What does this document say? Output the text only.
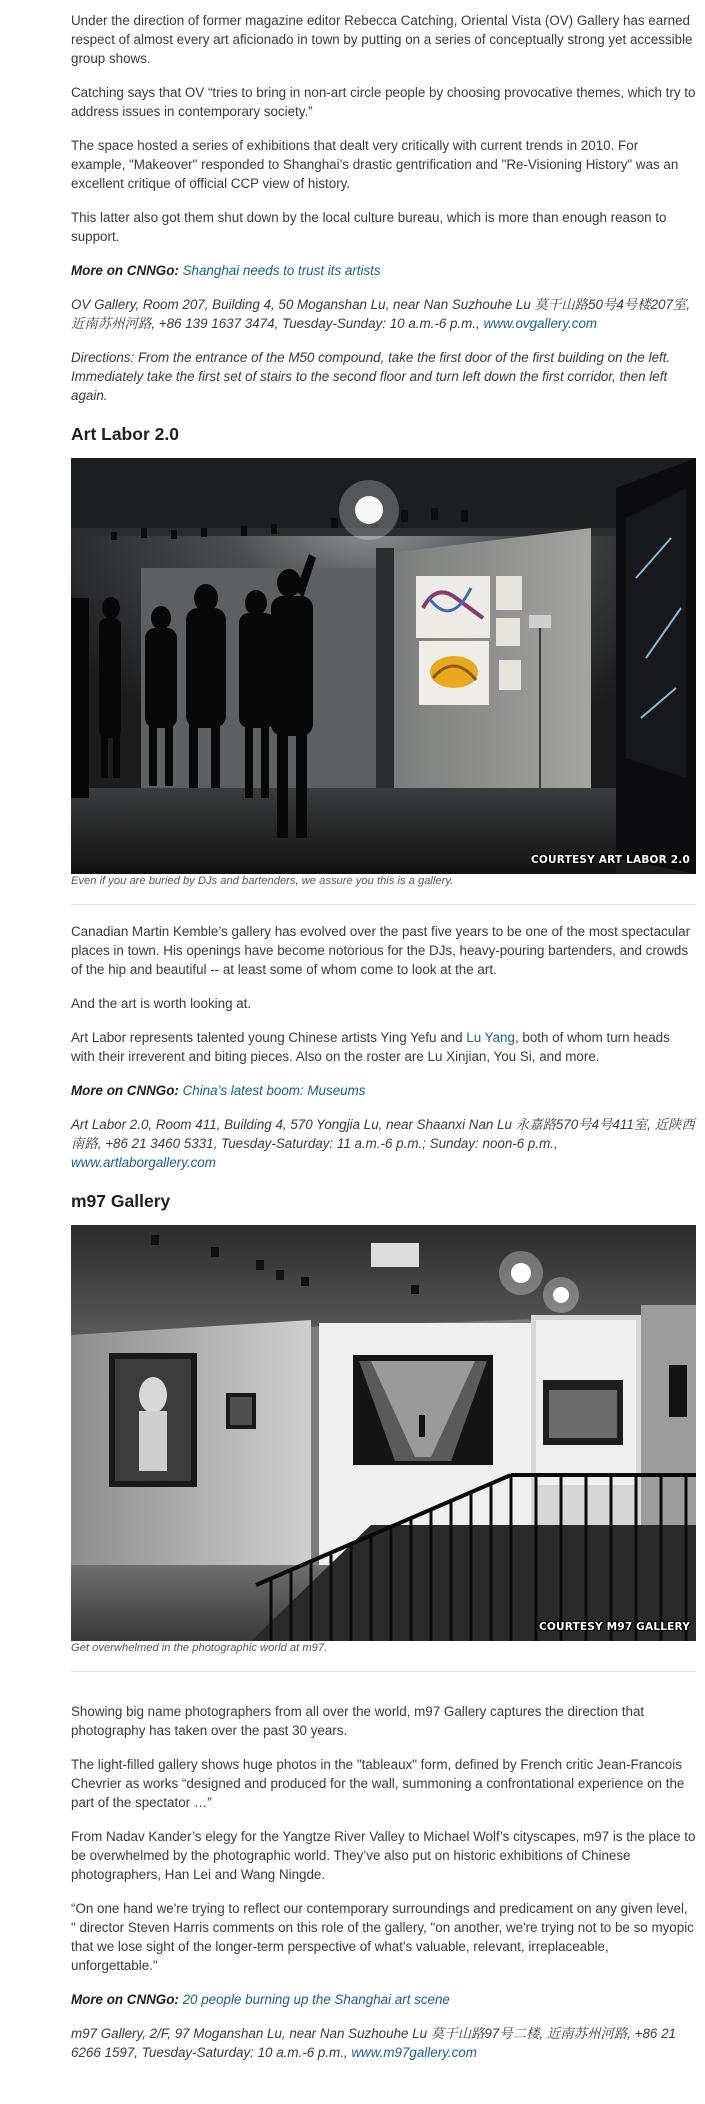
Under the direction of former magazine editor Rebecca Catching, Oriental Vista (OV) Gallery has earned respect of almost every art aficionado in town by putting on a series of conceptually strong yet accessible group shows.

Catching says that OV “tries to bring in non-art circle people by choosing provocative themes, which try to address issues in contemporary society.”

The space hosted a series of exhibitions that dealt very critically with current trends in 2010. For example, "Makeover" responded to Shanghai’s drastic gentrification and "Re-Visioning History" was an excellent critique of official CCP view of history.

This latter also got them shut down by the local culture bureau, which is more than enough reason to support.

More on CNNGo: Shanghai needs to trust its artists

OV Gallery, Room 207, Building 4, 50 Moganshan Lu, near Nan Suzhouhe Lu 莫干山路50号4号楼207室, 近南苏州河路, +86 139 1637 3474, Tuesday-Sunday: 10 a.m.-6 p.m., www.ovgallery.com

Directions: From the entrance of the M50 compound, take the first door of the first building on the left. Immediately take the first set of stairs to the second floor and turn left down the first corridor, then left again.

Art Labor 2.0
COURTESY ART LABOR 2.0

Even if you are buried by DJs and bartenders, we assure you this is a gallery.

Canadian Martin Kemble’s gallery has evolved over the past five years to be one of the most spectacular places in town. His openings have become notorious for the DJs, heavy-pouring bartenders, and crowds of the hip and beautiful -- at least some of whom come to look at the art.

And the art is worth looking at.

Art Labor represents talented young Chinese artists Ying Yefu and Lu Yang, both of whom turn heads with their irreverent and biting pieces. Also on the roster are Lu Xinjian, You Si, and more.

More on CNNGo: China’s latest boom: Museums

Art Labor 2.0, Room 411, Building 4, 570 Yongjia Lu, near Shaanxi Nan Lu 永嘉路570号4号411室, 近陕西南路, +86 21 3460 5331, Tuesday-Saturday: 11 a.m.-6 p.m.; Sunday: noon-6 p.m., www.artlaborgallery.com

m97 Gallery
COURTESY M97 GALLERY

Get overwhelmed in the photographic world at m97.

Showing big name photographers from all over the world, m97 Gallery captures the direction that photography has taken over the past 30 years.

The light-filled gallery shows huge photos in the "tableaux" form, defined by French critic Jean-Francois Chevrier as works “designed and produced for the wall, summoning a confrontational experience on the part of the spectator …”

From Nadav Kander’s elegy for the Yangtze River Valley to Michael Wolf’s cityscapes, m97 is the place to be overwhelmed by the photographic world. They’ve also put on historic exhibitions of Chinese photographers, Han Lei and Wang Ningde.

“On one hand we're trying to reflect our contemporary surroundings and predicament on any given level, " director Steven Harris comments on this role of the gallery, "on another, we're trying not to be so myopic that we lose sight of the longer-term perspective of what's valuable, relevant, irreplaceable, unforgettable."

More on CNNGo: 20 people burning up the Shanghai art scene

m97 Gallery, 2/F, 97 Moganshan Lu, near Nan Suzhouhe Lu 莫干山路97号二楼, 近南苏州河路, +86 21 6266 1597, Tuesday-Saturday: 10 a.m.-6 p.m., www.m97gallery.com
